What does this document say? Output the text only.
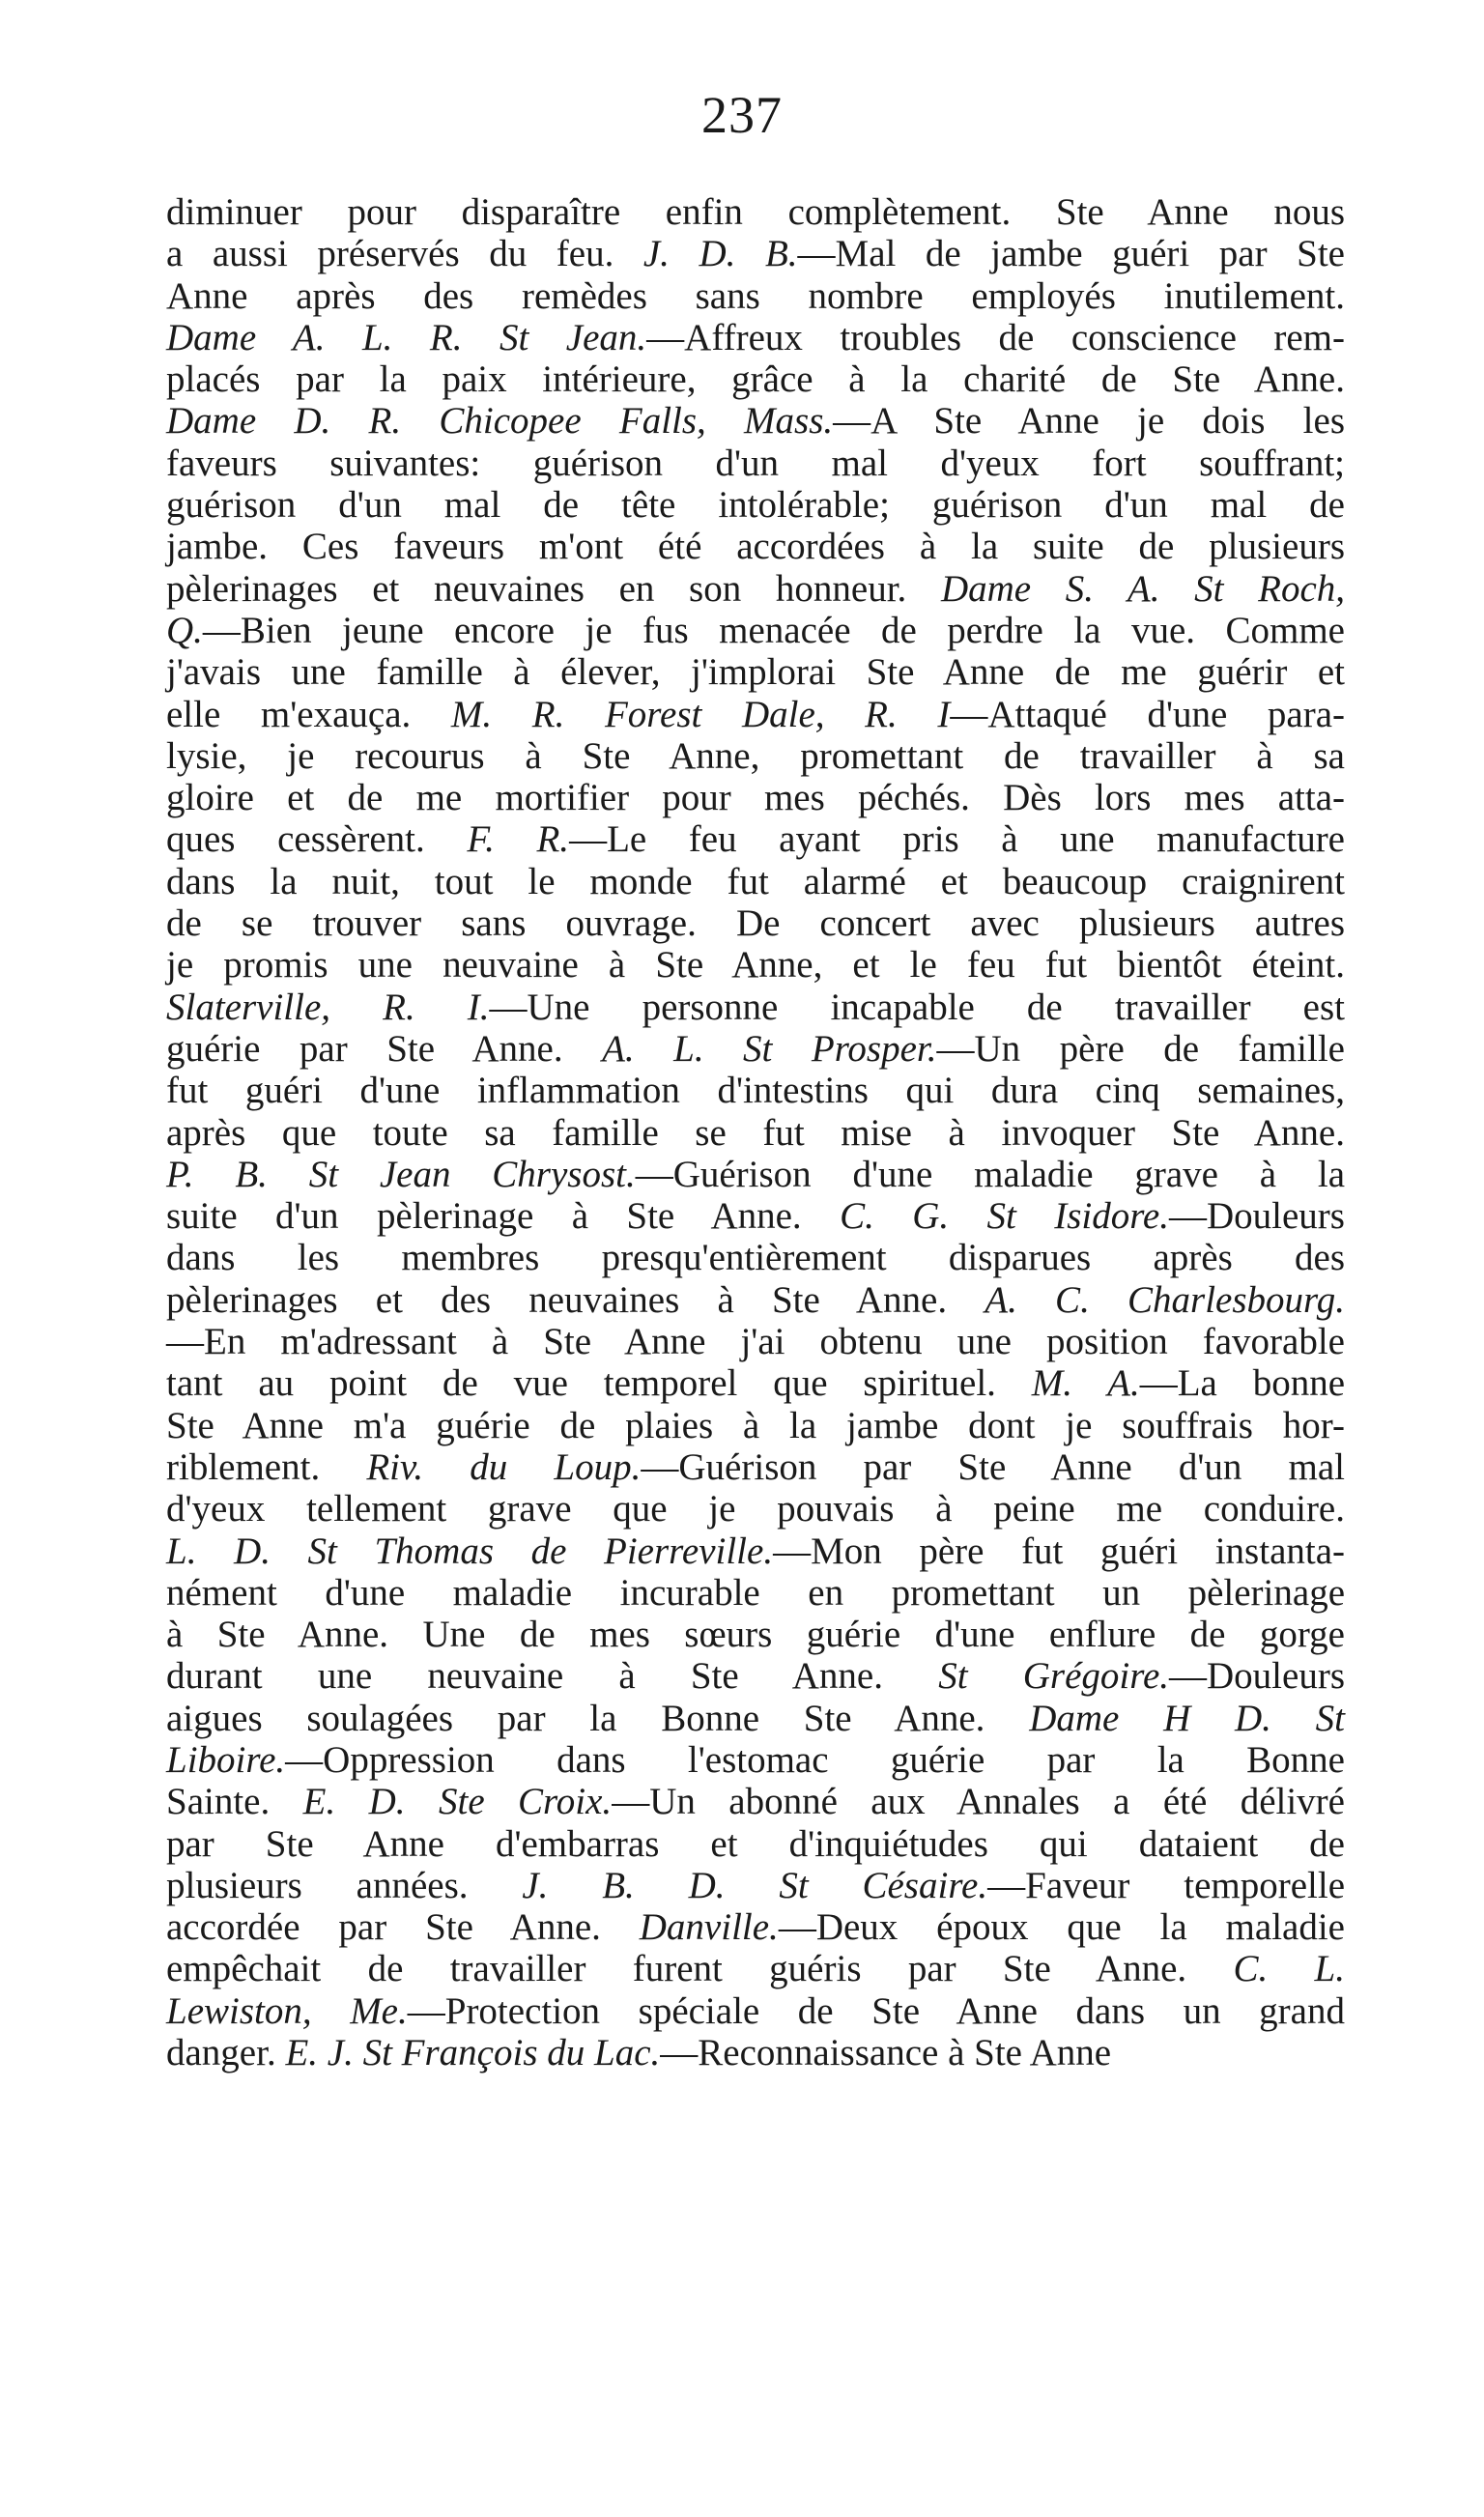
237
diminuer pour disparaître enfin complètement. Ste Anne nous
a aussi préservés du feu. J. D. B.—Mal de jambe guéri par Ste
Anne après des remèdes sans nombre employés inutilement.
Dame A. L. R. St Jean.—Affreux troubles de conscience rem-
placés par la paix intérieure, grâce à la charité de Ste Anne.
Dame D. R. Chicopee Falls, Mass.—A Ste Anne je dois les
faveurs suivantes: guérison d'un mal d'yeux fort souffrant;
guérison d'un mal de tête intolérable; guérison d'un mal de
jambe. Ces faveurs m'ont été accordées à la suite de plusieurs
pèlerinages et neuvaines en son honneur. Dame S. A. St Roch,
Q.—Bien jeune encore je fus menacée de perdre la vue. Comme
j'avais une famille à élever, j'implorai Ste Anne de me guérir et
elle m'exauça. M. R. Forest Dale, R. I—Attaqué d'une para-
lysie, je recourus à Ste Anne, promettant de travailler à sa
gloire et de me mortifier pour mes péchés. Dès lors mes atta-
ques cessèrent. F. R.—Le feu ayant pris à une manufacture
dans la nuit, tout le monde fut alarmé et beaucoup craignirent
de se trouver sans ouvrage. De concert avec plusieurs autres
je promis une neuvaine à Ste Anne, et le feu fut bientôt éteint.
Slaterville, R. I.—Une personne incapable de travailler est
guérie par Ste Anne. A. L. St Prosper.—Un père de famille
fut guéri d'une inflammation d'intestins qui dura cinq semaines,
après que toute sa famille se fut mise à invoquer Ste Anne.
P. B. St Jean Chrysost.—Guérison d'une maladie grave à la
suite d'un pèlerinage à Ste Anne. C. G. St Isidore.—Douleurs
dans les membres presqu'entièrement disparues après des
pèlerinages et des neuvaines à Ste Anne. A. C. Charlesbourg.
—En m'adressant à Ste Anne j'ai obtenu une position favorable
tant au point de vue temporel que spirituel. M. A.—La bonne
Ste Anne m'a guérie de plaies à la jambe dont je souffrais hor-
riblement. Riv. du Loup.—Guérison par Ste Anne d'un mal
d'yeux tellement grave que je pouvais à peine me conduire.
L. D. St Thomas de Pierreville.—Mon père fut guéri instanta-
nément d'une maladie incurable en promettant un pèlerinage
à Ste Anne. Une de mes sœurs guérie d'une enflure de gorge
durant une neuvaine à Ste Anne. St Grégoire.—Douleurs
aigues soulagées par la Bonne Ste Anne. Dame H D. St
Liboire.—Oppression dans l'estomac guérie par la Bonne
Sainte. E. D. Ste Croix.—Un abonné aux Annales a été délivré
par Ste Anne d'embarras et d'inquiétudes qui dataient de
plusieurs années. J. B. D. St Césaire.—Faveur temporelle
accordée par Ste Anne. Danville.—Deux époux que la maladie
empêchait de travailler furent guéris par Ste Anne. C. L.
Lewiston, Me.—Protection spéciale de Ste Anne dans un grand
danger. E. J. St François du Lac.—Reconnaissance à Ste Anne
